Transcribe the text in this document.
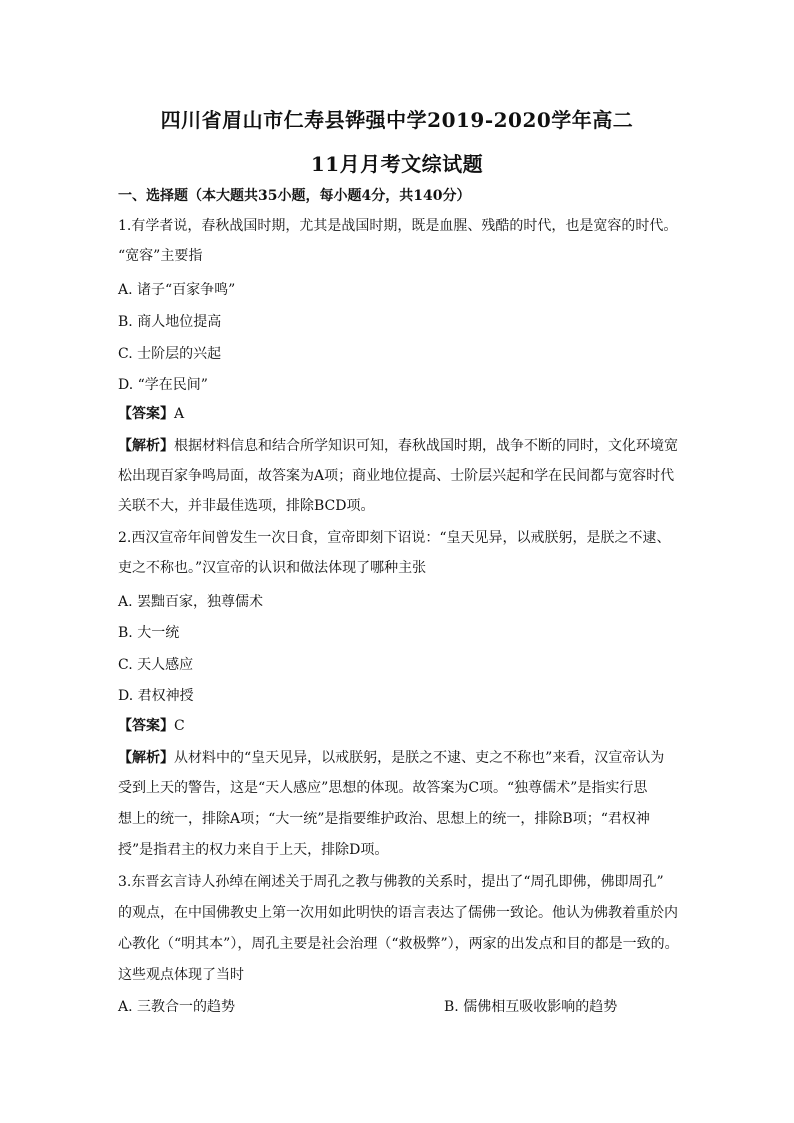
四川省眉山市仁寿县铧强中学2019-2020学年高二
11月月考文综试题
一、选择题（本大题共35小题，每小题4分，共140分）
1.有学者说，春秋战国时期，尤其是战国时期，既是血腥、残酷的时代，也是宽容的时代。
“宽容”主要指
A. 诸子“百家争鸣”
B. 商人地位提高
C. 士阶层的兴起
D. “学在民间”
【答案】A
【解析】根据材料信息和结合所学知识可知，春秋战国时期，战争不断的同时，文化环境宽
松出现百家争鸣局面，故答案为A项；商业地位提高、士阶层兴起和学在民间都与宽容时代
关联不大，并非最佳选项，排除BCD项。
2.西汉宣帝年间曾发生一次日食，宣帝即刻下诏说：“皇天见异，以戒朕躬，是朕之不逮、
吏之不称也。”汉宣帝的认识和做法体现了哪种主张
A. 罢黜百家，独尊儒术
B. 大一统
C. 天人感应
D. 君权神授
【答案】C
【解析】从材料中的“皇天见异，以戒朕躬，是朕之不逮、吏之不称也”来看，汉宣帝认为
受到上天的警告，这是“天人感应”思想的体现。故答案为C项。“独尊儒术”是指实行思
想上的统一，排除A项；“大一统”是指要维护政治、思想上的统一，排除B项；“君权神
授”是指君主的权力来自于上天，排除D项。
3.东晋玄言诗人孙绰在阐述关于周孔之教与佛教的关系时，提出了“周孔即佛，佛即周孔”
的观点，在中国佛教史上第一次用如此明快的语言表达了儒佛一致论。他认为佛教着重於内
心教化（“明其本”），周孔主要是社会治理（“救极弊”），两家的出发点和目的都是一致的。
这些观点体现了当时
A. 三教合一的趋势	B. 儒佛相互吸收影响的趋势
